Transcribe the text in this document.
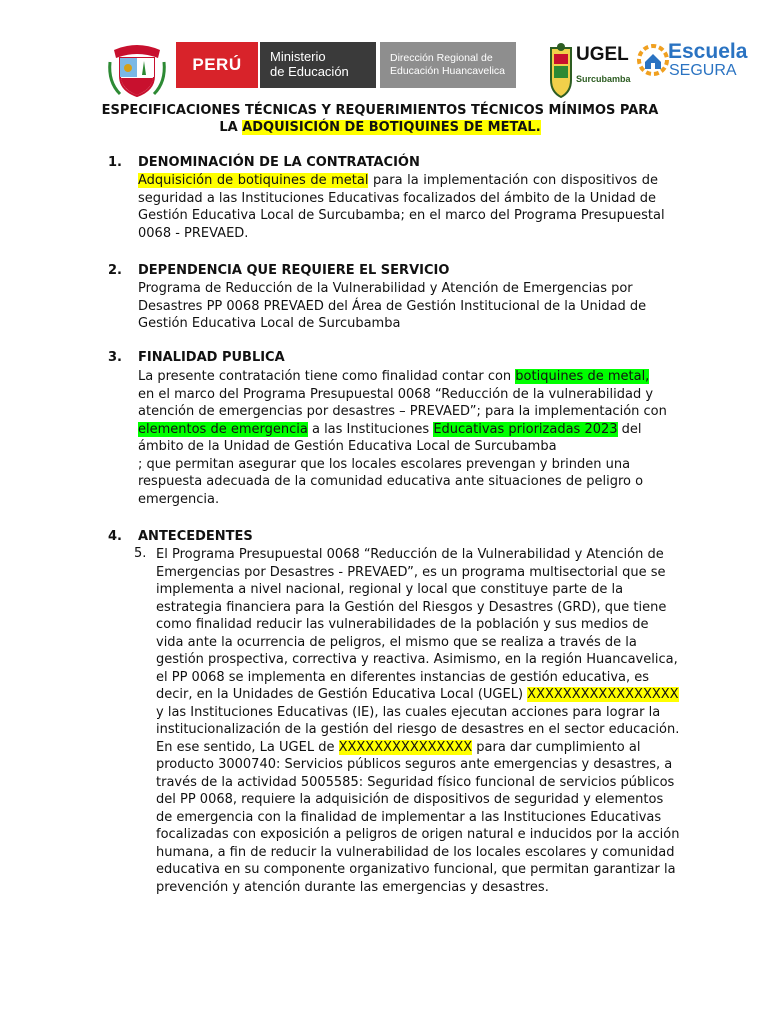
PERÚ Ministerio
de Educación
Dirección Regional de
Educación Huancavelica
UGEL
Surcubamba
Escuela
SEGURA
ESPECIFICACIONES TÉCNICAS Y REQUERIMIENTOS TÉCNICOS MÍNIMOS PARA
LA ADQUISICIÓN DE BOTIQUINES DE METAL.
1. DENOMINACIÓN DE LA CONTRATACIÓN
Adquisición de botiquines de metal para la implementación con dispositivos de
seguridad a las Instituciones Educativas focalizados del ámbito de la Unidad de
Gestión Educativa Local de Surcubamba; en el marco del Programa Presupuestal
0068 - PREVAED.
2. DEPENDENCIA QUE REQUIERE EL SERVICIO
Programa de Reducción de la Vulnerabilidad y Atención de Emergencias por
Desastres PP 0068 PREVAED del Área de Gestión Institucional de la Unidad de
Gestión Educativa Local de Surcubamba
3. FINALIDAD PUBLICA
La presente contratación tiene como finalidad contar con botiquines de metal,
en el marco del Programa Presupuestal 0068 “Reducción de la vulnerabilidad y
atención de emergencias por desastres – PREVAED”; para la implementación con
elementos de emergencia a las Instituciones Educativas priorizadas 2023 del
ámbito de la Unidad de Gestión Educativa Local de Surcubamba
; que permitan asegurar que los locales escolares prevengan y brinden una
respuesta adecuada de la comunidad educativa ante situaciones de peligro o
emergencia.
4. ANTECEDENTES
5. El Programa Presupuestal 0068 “Reducción de la Vulnerabilidad y Atención de
Emergencias por Desastres - PREVAED”, es un programa multisectorial que se
implementa a nivel nacional, regional y local que constituye parte de la
estrategia financiera para la Gestión del Riesgos y Desastres (GRD), que tiene
como finalidad reducir las vulnerabilidades de la población y sus medios de
vida ante la ocurrencia de peligros, el mismo que se realiza a través de la
gestión prospectiva, correctiva y reactiva. Asimismo, en la región Huancavelica,
el PP 0068 se implementa en diferentes instancias de gestión educativa, es
decir, en la Unidades de Gestión Educativa Local (UGEL) XXXXXXXXXXXXXXXXX
y las Instituciones Educativas (IE), las cuales ejecutan acciones para lograr la
institucionalización de la gestión del riesgo de desastres en el sector educación.
En ese sentido, La UGEL de XXXXXXXXXXXXXXX para dar cumplimiento al
producto 3000740: Servicios públicos seguros ante emergencias y desastres, a
través de la actividad 5005585: Seguridad físico funcional de servicios públicos
del PP 0068, requiere la adquisición de dispositivos de seguridad y elementos
de emergencia con la finalidad de implementar a las Instituciones Educativas
focalizadas con exposición a peligros de origen natural e inducidos por la acción
humana, a fin de reducir la vulnerabilidad de los locales escolares y comunidad
educativa en su componente organizativo funcional, que permitan garantizar la
prevención y atención durante las emergencias y desastres.
